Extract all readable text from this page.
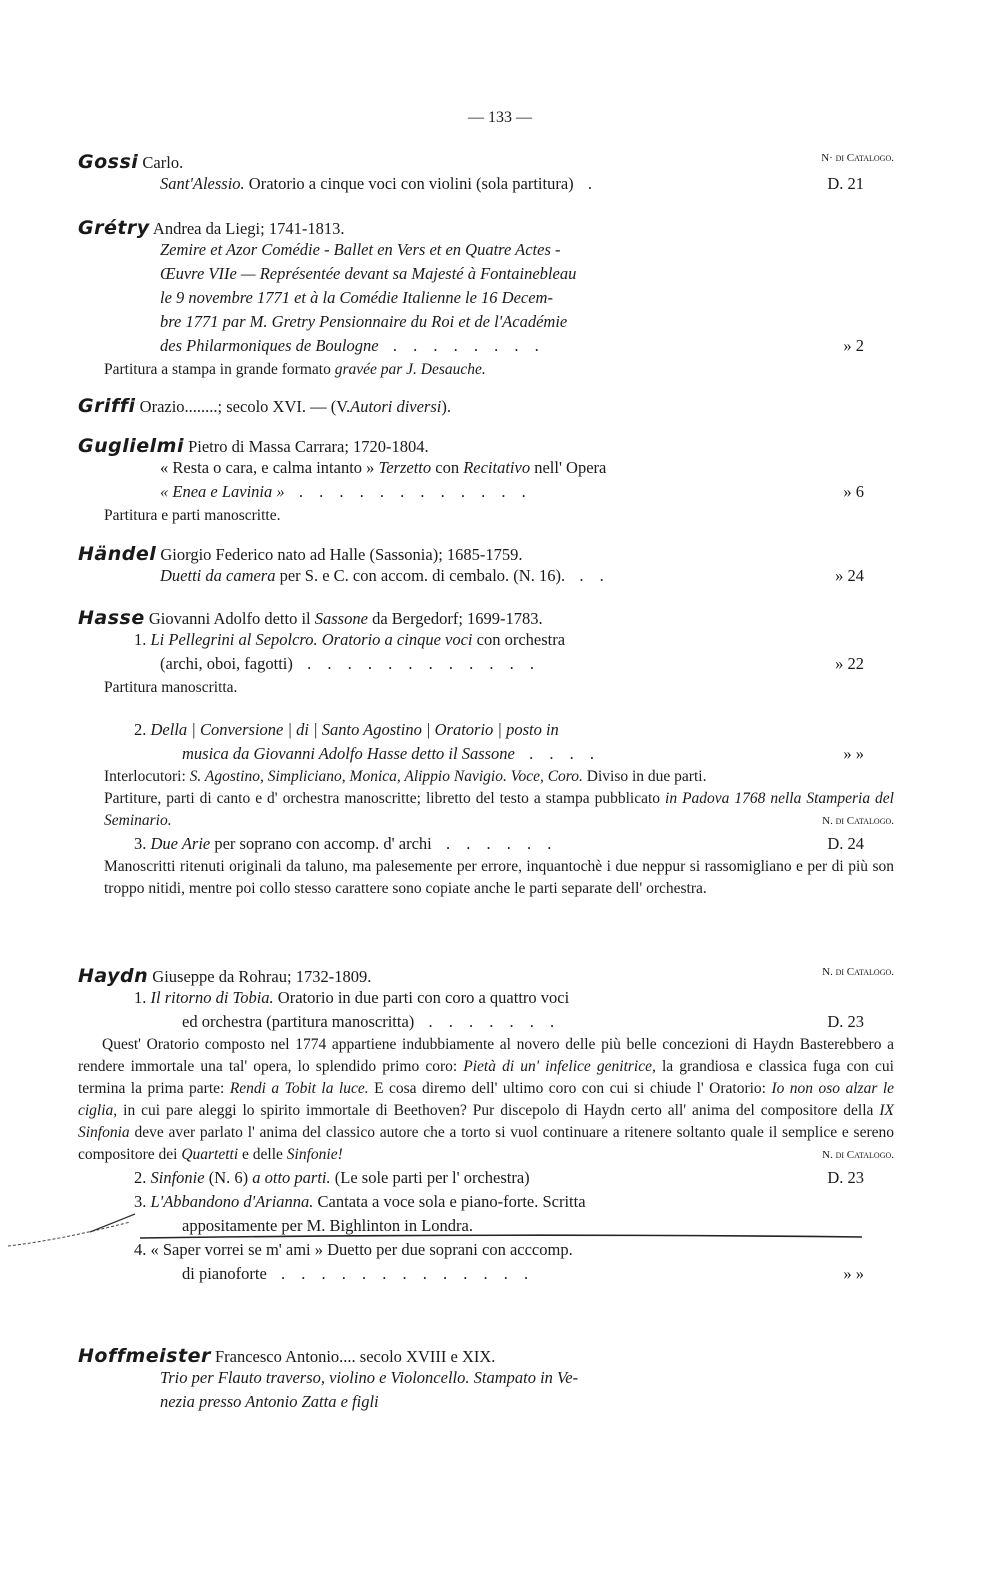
— 133 —
Gossi Carlo.	N· di Catalogo.
Sant'Alessio. Oratorio a cinque voci con violini (sola partitura)  .	D. 21
Grétry Andrea da Liegi; 1741-1813.
Zemire et Azor Comédie - Ballet en Vers et en Quatre Actes -
Œuvre VIIe — Représentée devant sa Majesté à Fontainebleau
le 9 novembre 1771 et à la Comédie Italienne le 16 Decem-
bre 1771 par M. Gretry Pensionnaire du Roi et de l'Académie
des Philarmoniques de Boulogne  . . . . . . . .	» 2
Partitura a stampa in grande formato gravée par J. Desauche.
Griffi Orazio........; secolo XVI. — (V.Autori diversi).
Guglielmi Pietro di Massa Carrara; 1720-1804.
« Resta o cara, e calma intanto » Terzetto con Recitativo nell' Opera
« Enea e Lavinia »  . . . . . . . . . . . .	» 6
Partitura e parti manoscritte.
Händel Giorgio Federico nato ad Halle (Sassonia); 1685-1759.
Duetti da camera per S. e C. con accom. di cembalo. (N. 16).  . .	» 24
Hasse Giovanni Adolfo detto il Sassone da Bergedorf; 1699-1783.
1. Li Pellegrini al Sepolcro. Oratorio a cinque voci con orchestra
(archi, oboi, fagotti)  . . . . . . . . . . . .	» 22
Partitura manoscritta.
2. Della | Conversione | di | Santo Agostino | Oratorio | posto in
musica da Giovanni Adolfo Hasse detto il Sassone  . . . .	» »
Interlocutori: S. Agostino, Simpliciano, Monica, Alippio Navigio. Voce, Coro. Diviso in due parti.
Partiture, parti di canto e d' orchestra manoscritte; libretto del testo a stampa pubblicato in Padova 1768 nella Stamperia del Seminario.	N. di Catalogo.
3. Due Arie per soprano con accomp. d' archi  . . . . . .	D. 24
Manoscritti ritenuti originali da taluno, ma palesemente per errore, inquantochè i due neppur si rassomigliano e per di più son troppo nitidi, mentre poi collo stesso carattere sono copiate anche le parti separate dell' orchestra.
Haydn Giuseppe da Rohrau; 1732-1809.	N. di Catalogo.
1. Il ritorno di Tobia. Oratorio in due parti con coro a quattro voci
ed orchestra (partitura manoscritta)  . . . . . . .	D. 23

Quest' Oratorio composto nel 1774 appartiene indubbiamente al novero delle più belle concezioni di Haydn Basterebbero a rendere immortale una tal' opera, lo splendido primo coro: Pietà di un' infelice genitrice, la grandiosa e classica fuga con cui termina la prima parte: Rendi a Tobit la luce. E cosa diremo dell' ultimo coro con cui si chiude l' Oratorio: Io non oso alzar le ciglia, in cui pare aleggi lo spirito immortale di Beethoven? Pur discepolo di Haydn certo all' anima del compositore della IX Sinfonia deve aver parlato l' anima del classico autore che a torto si vuol continuare a ritenere soltanto quale il semplice e sereno compositore dei Quartetti e delle Sinfonie!	N. di Catalogo.
2. Sinfonie (N. 6) a otto parti. (Le sole parti per l' orchestra)	D. 23
3. L'Abbandono d'Arianna. Cantata a voce sola e piano-forte. Scritta
appositamente per M. Bighlinton in Londra.
4. « Saper vorrei se m' ami » Duetto per due soprani con acccomp.
di pianoforte  . . . . . . . . . . . . .	» »
Hoffmeister Francesco Antonio.... secolo XVIII e XIX.
Trio per Flauto traverso, violino e Violoncello. Stampato in Ve-
nezia presso Antonio Zatta e figli
